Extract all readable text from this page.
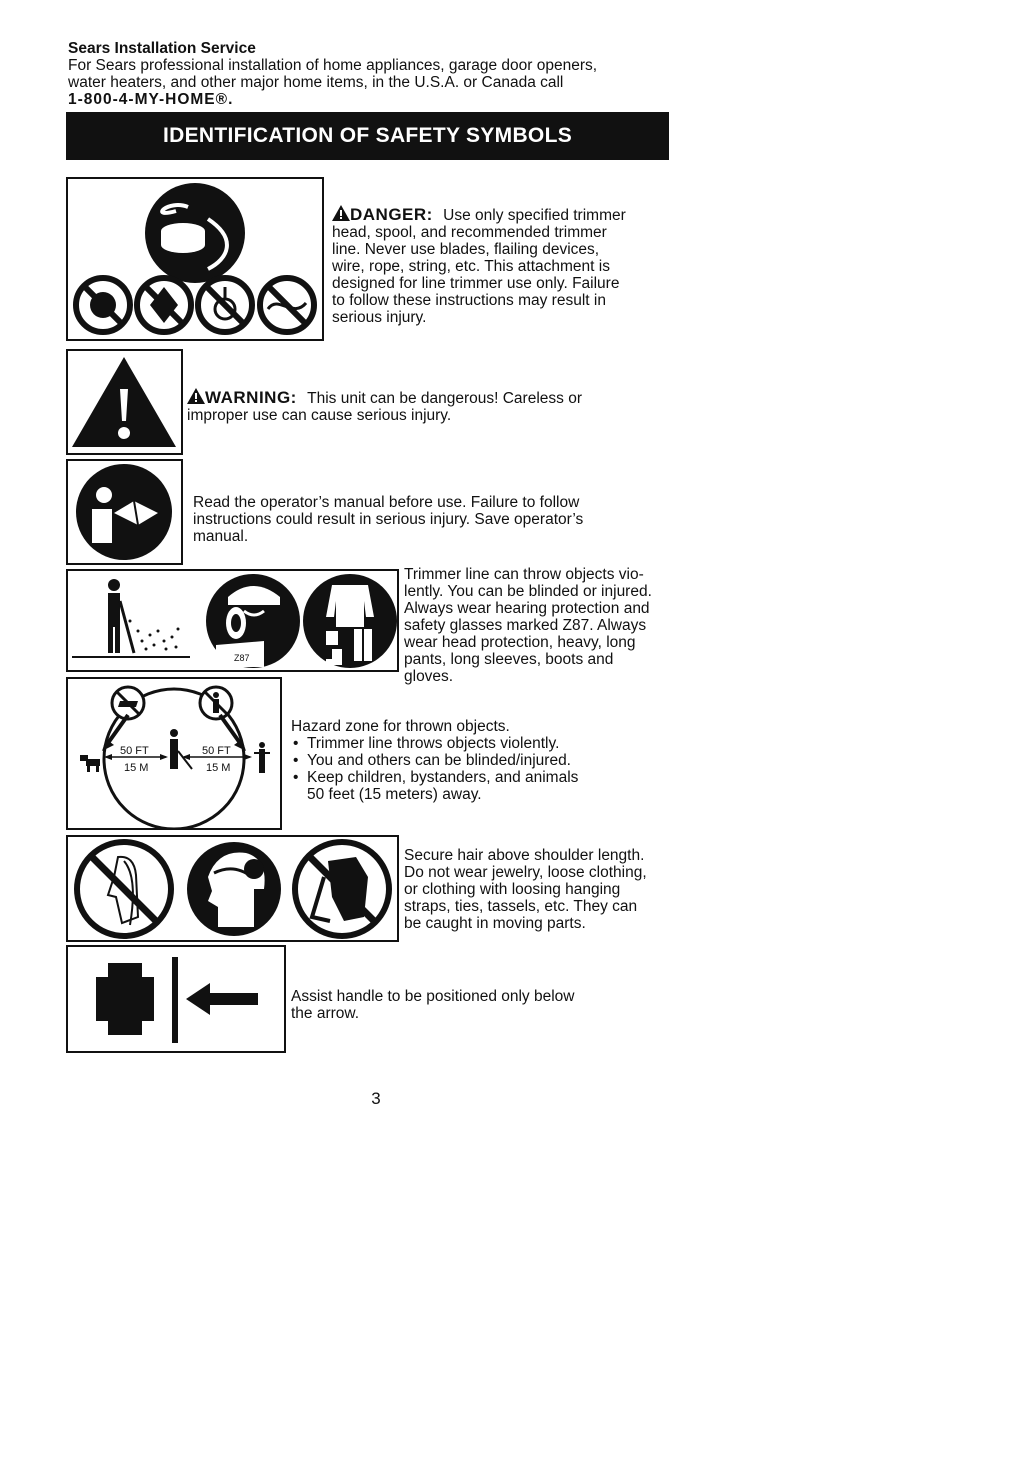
Sears Installation Service
For Sears professional installation of home appliances, garage door openers,
water heaters, and other major home items, in the U.S.A. or Canada call
1-800-4-MY-HOME®.
IDENTIFICATION OF SAFETY SYMBOLS
DANGER: Use only specified trimmer
head, spool, and recommended trimmer
line. Never use blades, flailing devices,
wire, rope, string, etc. This attachment is
designed for line trimmer use only. Failure
to follow these instructions may result in
serious injury.
WARNING: This unit can be dangerous! Careless or
improper use can cause serious injury.
Read the operator’s manual before use. Failure to follow
instructions could result in serious injury. Save operator’s
manual.
Z87
Trimmer line can throw objects vio-
lently. You can be blinded or injured.
Always wear hearing protection and
safety glasses marked Z87. Always
wear head protection, heavy, long
pants, long sleeves, boots and
gloves.
50 FT
15 M
50 FT
15 M
Hazard zone for thrown objects.
• Trimmer line throws objects violently.
• You and others can be blinded/injured.
• Keep children, bystanders, and animals
50 feet (15 meters) away.
Secure hair above shoulder length.
Do not wear jewelry, loose clothing,
or clothing with loosing hanging
straps, ties, tassels, etc. They can
be caught in moving parts.
Assist handle to be positioned only below
the arrow.
3
